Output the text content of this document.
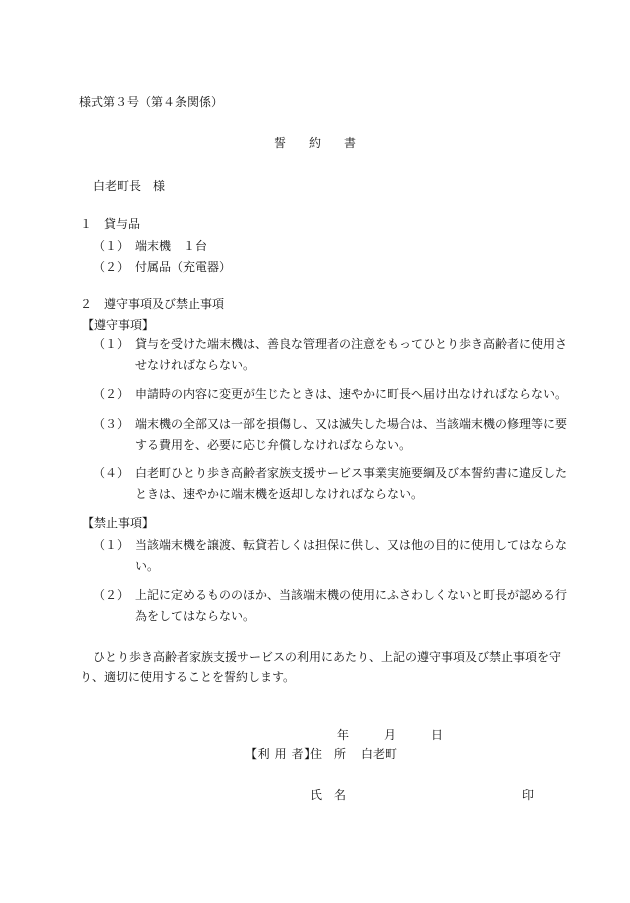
様式第３号（第４条関係）
誓 約 書
白老町長　様
１　貸与品
（１） 端末機　１台
（２） 付属品（充電器）
２　遵守事項及び禁止事項
【遵守事項】
（１） 貸与を受けた端末機は、善良な管理者の注意をもってひとり歩き高齢者に使用さ
せなければならない。
（２） 申請時の内容に変更が生じたときは、速やかに町長へ届け出なければならない。
（３） 端末機の全部又は一部を損傷し、又は滅失した場合は、当該端末機の修理等に要
する費用を、必要に応じ弁償しなければならない。
（４） 白老町ひとり歩き高齢者家族支援サービス事業実施要綱及び本誓約書に違反した
ときは、速やかに端末機を返却しなければならない。
【禁止事項】
（１） 当該端末機を譲渡、転貸若しくは担保に供し、又は他の目的に使用してはならな
い。
（２） 上記に定めるもののほか、当該端末機の使用にふさわしくないと町長が認める行
為をしてはならない。
ひとり歩き高齢者家族支援サービスの利用にあたり、上記の遵守事項及び禁止事項を守
り、適切に使用することを誓約します。
年	月	日
【利 用 者】
住　所 白老町
氏　名	印
